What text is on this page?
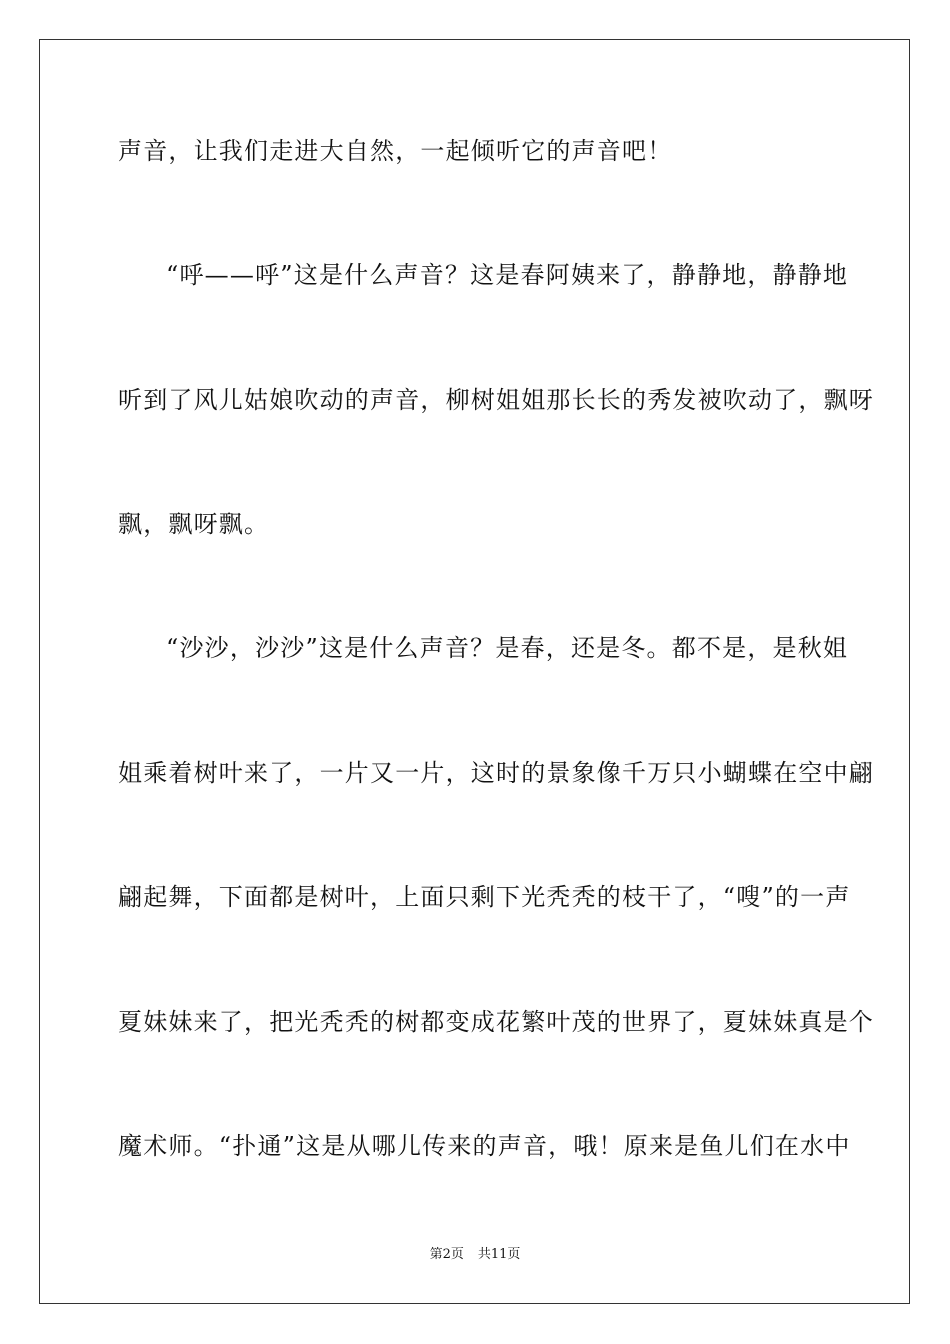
声音，让我们走进大自然，一起倾听它的声音吧！
“呼——呼”这是什么声音？这是春阿姨来了，静静地，静静地
听到了风儿姑娘吹动的声音，柳树姐姐那长长的秀发被吹动了，飘呀
飘，飘呀飘。
“沙沙，沙沙”这是什么声音？是春，还是冬。都不是，是秋姐
姐乘着树叶来了，一片又一片，这时的景象像千万只小蝴蝶在空中翩
翩起舞，下面都是树叶，上面只剩下光秃秃的枝干了，“嗖”的一声
夏妹妹来了，把光秃秃的树都变成花繁叶茂的世界了，夏妹妹真是个
魔术师。“扑通”这是从哪儿传来的声音，哦！原来是鱼儿们在水中
第2页 共11页
